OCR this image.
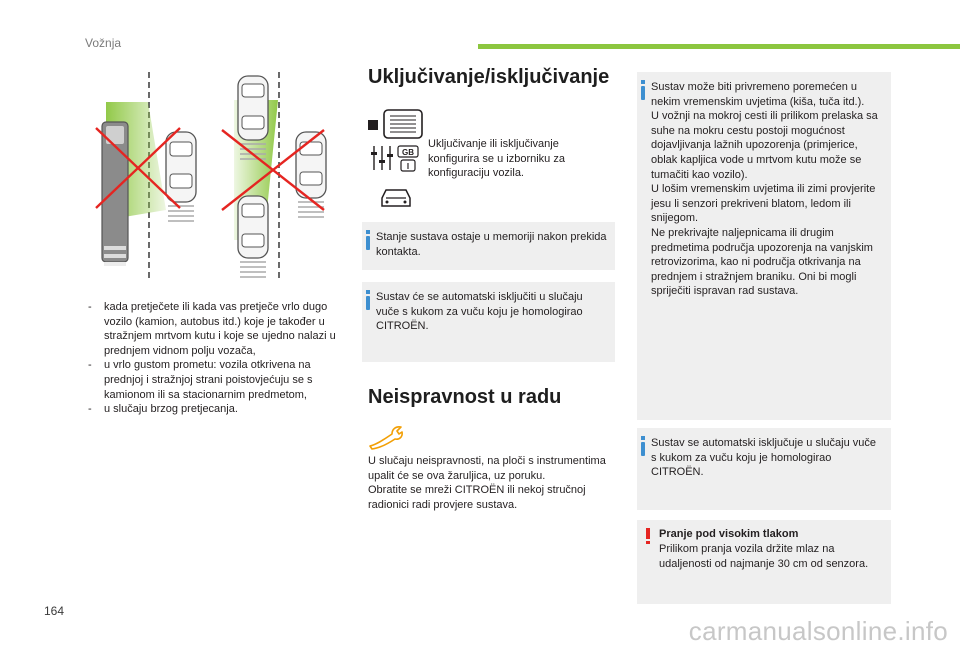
Vožnja
- kada pretječete ili kada vas pretječe vrlo dugo vozilo (kamion, autobus itd.) koje je također u stražnjem mrtvom kutu i koje se ujedno nalazi u prednjem vidnom polju vozača,
- u vrlo gustom prometu: vozila otkrivena na prednjoj i stražnjoj strani poistovjećuju se s kamionom ili sa stacionarnim predmetom,
- u slučaju brzog pretjecanja.
Uključivanje/isključivanje
GB
I
Uključivanje ili isključivanje konfigurira se u izborniku za konfiguraciju vozila.
Stanje sustava ostaje u memoriji nakon prekida kontakta.
Sustav će se automatski isključiti u slučaju vuče s kukom za vuču koju je homologirao CITROËN.
Neispravnost u radu
U slučaju neispravnosti, na ploči s instrumentima upalit će se ova žaruljica, uz poruku.
Obratite se mreži CITROËN ili nekoj stručnoj radionici radi provjere sustava.
Sustav može biti privremeno poremećen u nekim vremenskim uvjetima (kiša, tuča itd.).
U vožnji na mokroj cesti ili prilikom prelaska sa suhe na mokru cestu postoji mogućnost dojavljivanja lažnih upozorenja (primjerice, oblak kapljica vode u mrtvom kutu može se tumačiti kao vozilo).
U lošim vremenskim uvjetima ili zimi provjerite jesu li senzori prekriveni blatom, ledom ili snijegom.
Ne prekrivajte naljepnicama ili drugim predmetima područja upozorenja na vanjskim retrovizorima, kao ni područja otkrivanja na prednjem i stražnjem braniku. Oni bi mogli spriječiti ispravan rad sustava.
Sustav se automatski isključuje u slučaju vuče s kukom za vuču koju je homologirao CITROËN.
Pranje pod visokim tlakom
Prilikom pranja vozila držite mlaz na udaljenosti od najmanje 30 cm od senzora.
164
carmanualsonline.info
